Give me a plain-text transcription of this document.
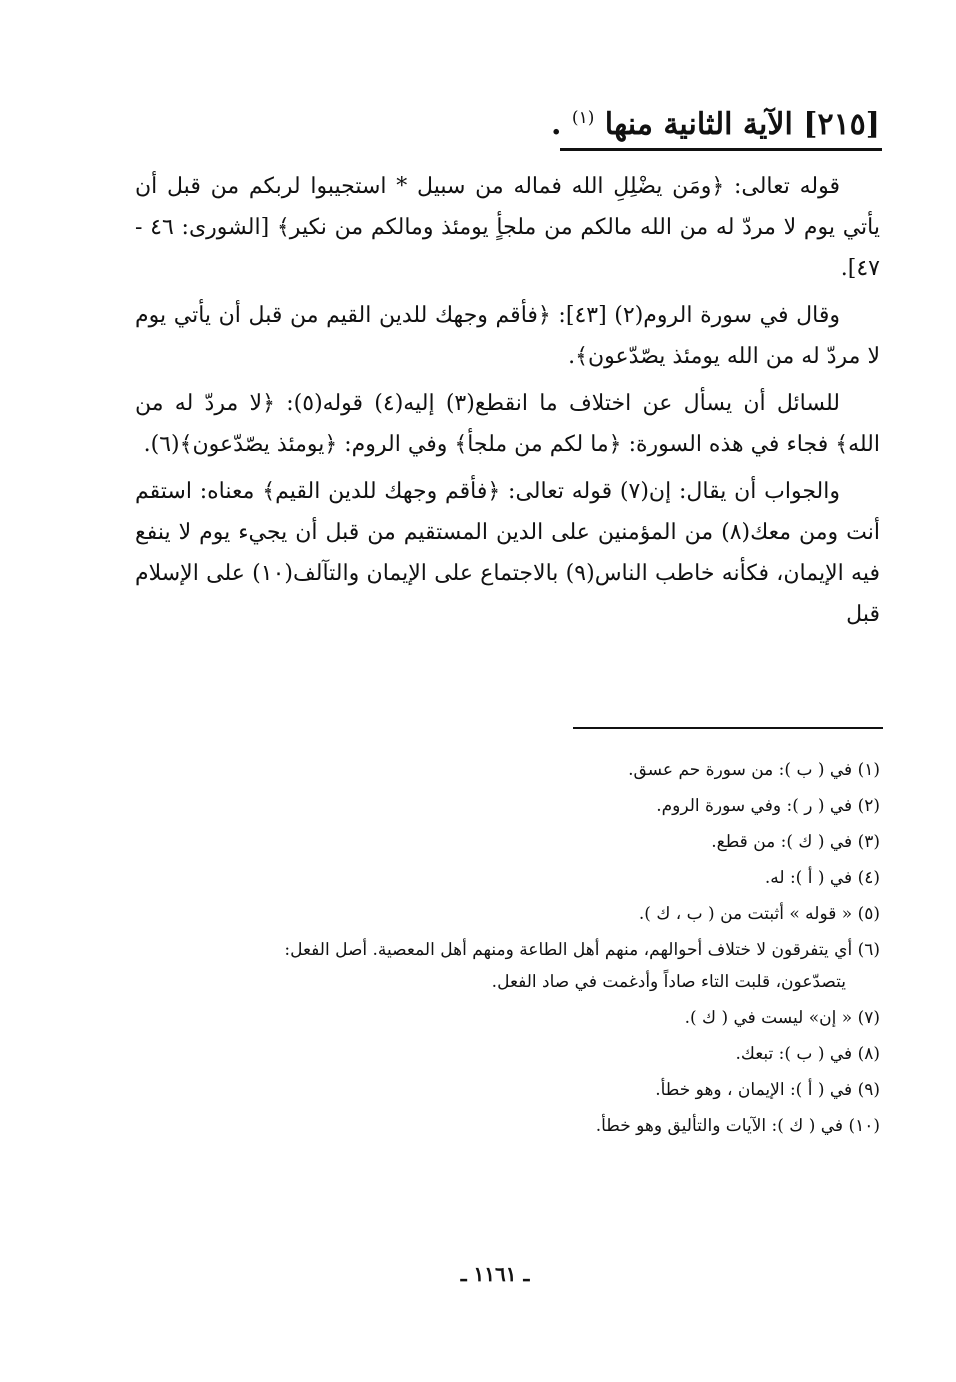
[٢١٥] الآية الثانية منها $^{(١)}$ .

قوله تعالى: ﴿ومَن يضْلِلِ الله فماله من سبيل * استجيبوا لربكم من قبل أن يأتي يوم لا مردّ له من الله مالكم من ملجأٍ يومئذ ومالكم من نكير﴾ [الشورى: ٤٦ - ٤٧].

وقال في سورة الروم(٢) [٤٣]: ﴿فأقم وجهك للدين القيم من قبل أن يأتي يوم لا مردّ له من الله يومئذ يصّدّعون﴾.

للسائل أن يسأل عن اختلاف ما انقطع(٣) إليه(٤) قوله(٥): ﴿لا مردّ له من الله﴾ فجاء في هذه السورة: ﴿ما لكم من ملجأ﴾ وفي الروم: ﴿يومئذ يصّدّعون﴾(٦).

والجواب أن يقال: إن(٧) قوله تعالى: ﴿فأقم وجهك للدين القيم﴾ معناه: استقم أنت ومن معك(٨) من المؤمنين على الدين المستقيم من قبل أن يجيء يوم لا ينفع فيه الإيمان، فكأنه خاطب الناس(٩) بالاجتماع على الإيمان والتآلف(١٠) على الإسلام قبل

(١) في ( ب ): من سورة حم عسق.
(٢) في ( ر ): وفي سورة الروم.
(٣) في ( ك ): من قطع.
(٤) في ( أ ): له.
(٥) « قوله » أثبتت من ( ب ، ك ).
(٦) أي يتفرقون لا ختلاف أحوالهم، منهم أهل الطاعة ومنهم أهل المعصية. أصل الفعل:
يتصدّعون، قلبت التاء صاداً وأدغمت في صاد الفعل.
(٧) « إن» ليست في ( ك ).
(٨) في ( ب ): تبعك.
(٩) في ( أ ): الإيمان ، وهو خطأ.
(١٠) في ( ك ): الآيات والتأليق وهو خطأ.
ـ ١١٦١ ـ
